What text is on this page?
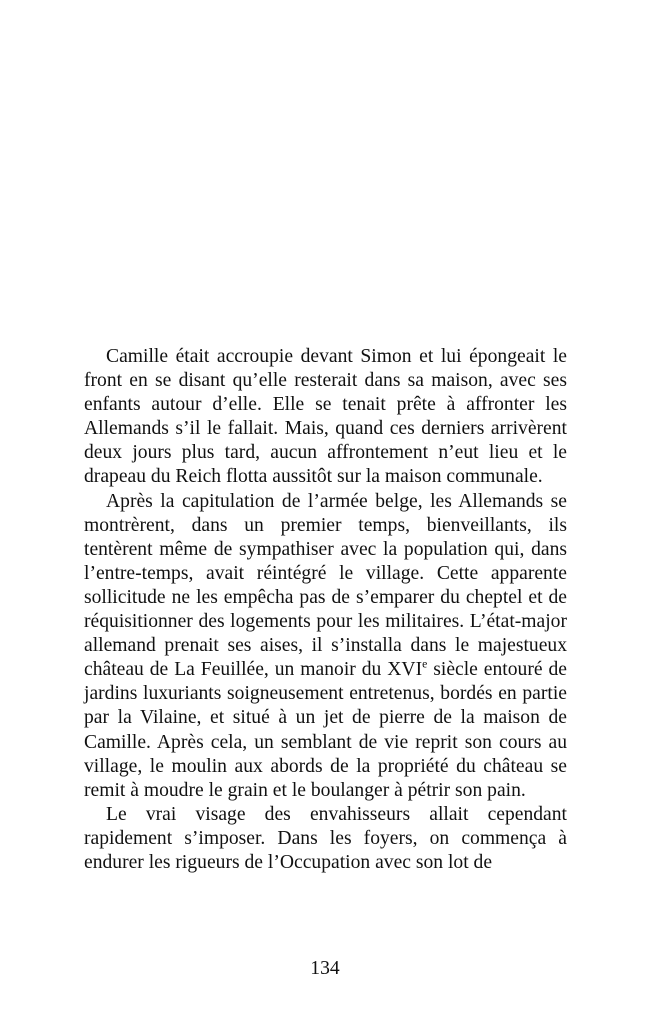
Camille était accroupie devant Simon et lui épongeait le front en se disant qu’elle resterait dans sa maison, avec ses enfants autour d’elle. Elle se tenait prête à affronter les Allemands s’il le fallait. Mais, quand ces derniers arrivèrent deux jours plus tard, aucun affrontement n’eut lieu et le drapeau du Reich flotta aussitôt sur la maison communale.

Après la capitulation de l’armée belge, les Allemands se montrèrent, dans un premier temps, bienveillants, ils tentèrent même de sympathiser avec la population qui, dans l’entre-temps, avait réintégré le village. Cette apparente sollicitude ne les empêcha pas de s’emparer du cheptel et de réquisitionner des logements pour les militaires. L’état-major allemand prenait ses aises, il s’installa dans le majestueux château de La Feuillée, un manoir du XVIe siècle entouré de jardins luxuriants soigneusement entretenus, bordés en partie par la Vilaine, et situé à un jet de pierre de la maison de Camille. Après cela, un semblant de vie reprit son cours au village, le moulin aux abords de la propriété du château se remit à moudre le grain et le boulanger à pétrir son pain.

Le vrai visage des envahisseurs allait cependant rapidement s’imposer. Dans les foyers, on commença à endurer les rigueurs de l’Occupation avec son lot de

134
